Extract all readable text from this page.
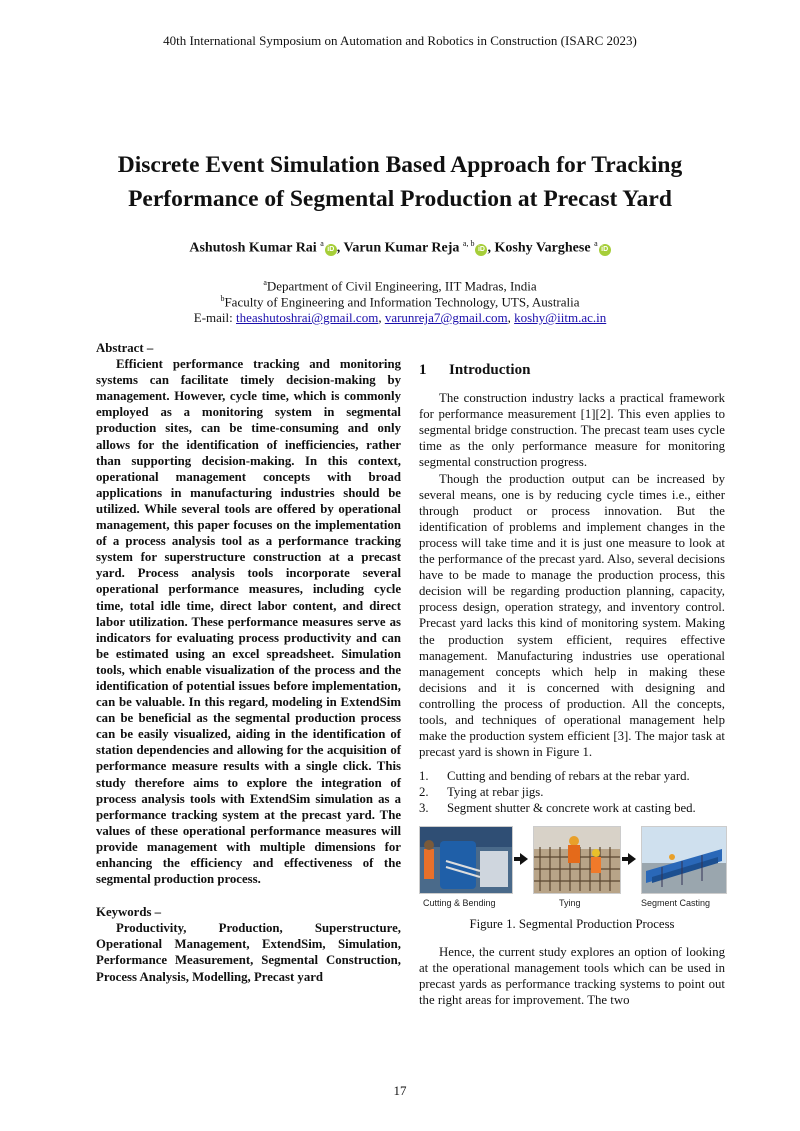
40th International Symposium on Automation and Robotics in Construction (ISARC 2023)
Discrete Event Simulation Based Approach for Tracking Performance of Segmental Production at Precast Yard
Ashutosh Kumar Rai $^a$iD , Varun Kumar Reja $^{a, b}$iD , Koshy Varghese $^a$iD
$^a$Department of Civil Engineering, IIT Madras, India
$^b$Faculty of Engineering and Information Technology, UTS, Australia
E-mail: theashutoshrai@gmail.com, varunreja7@gmail.com, koshy@iitm.ac.in
Abstract –

Efficient performance tracking and monitoring systems can facilitate timely decision-making by management. However, cycle time, which is commonly employed as a monitoring system in segmental production sites, can be time-consuming and only allows for the identification of inefficiencies, rather than supporting decision-making. In this context, operational management concepts with broad applications in manufacturing industries should be utilized. While several tools are offered by operational management, this paper focuses on the implementation of a process analysis tool as a performance tracking system for superstructure construction at a precast yard. Process analysis tools incorporate several operational performance measures, including cycle time, total idle time, direct labor content, and direct labor utilization. These performance measures serve as indicators for evaluating process productivity and can be estimated using an excel spreadsheet. Simulation tools, which enable visualization of the process and the identification of potential issues before implementation, can be valuable. In this regard, modeling in ExtendSim can be beneficial as the segmental production process can be easily visualized, aiding in the identification of station dependencies and allowing for the acquisition of performance measure results with a single click. This study therefore aims to explore the integration of process analysis tools with ExtendSim simulation as a performance tracking system at the precast yard. The values of these operational performance measures will provide management with multiple dimensions for enhancing the efficiency and effectiveness of the segmental production process.

Keywords –

Productivity, Production, Superstructure, Operational Management, ExtendSim, Simulation, Performance Measurement, Segmental Construction, Process Analysis, Modelling, Precast yard

1 Introduction

The construction industry lacks a practical framework for performance measurement [1][2]. This even applies to segmental bridge construction. The precast team uses cycle time as the only performance measure for monitoring segmental construction progress.

Though the production output can be increased by several means, one is by reducing cycle times i.e., either through product or process innovation. But the identification of problems and implement changes in the process will take time and it is just one measure to look at the performance of the precast yard. Also, several decisions have to be made to manage the production process, this decision will be regarding production planning, capacity, process design, operation strategy, and inventory control. Precast yard lacks this kind of monitoring system. Making the production system efficient, requires effective management. Manufacturing industries use operational management concepts which help in making these decisions and it is concerned with designing and controlling the process of production. All the concepts, tools, and techniques of operational management help make the production system efficient [3]. The major task at precast yard is shown in Figure 1.

1.	Cutting and bending of rebars at the rebar yard.
2.	Tying at rebar jigs.
3.	Segment shutter & concrete work at casting bed.
Cutting & Bending	Tying	Segment Casting
Figure 1. Segmental Production Process

Hence, the current study explores an option of looking at the operational management tools which can be used in precast yards as performance tracking systems to point out the right areas for improvement. The two

17
